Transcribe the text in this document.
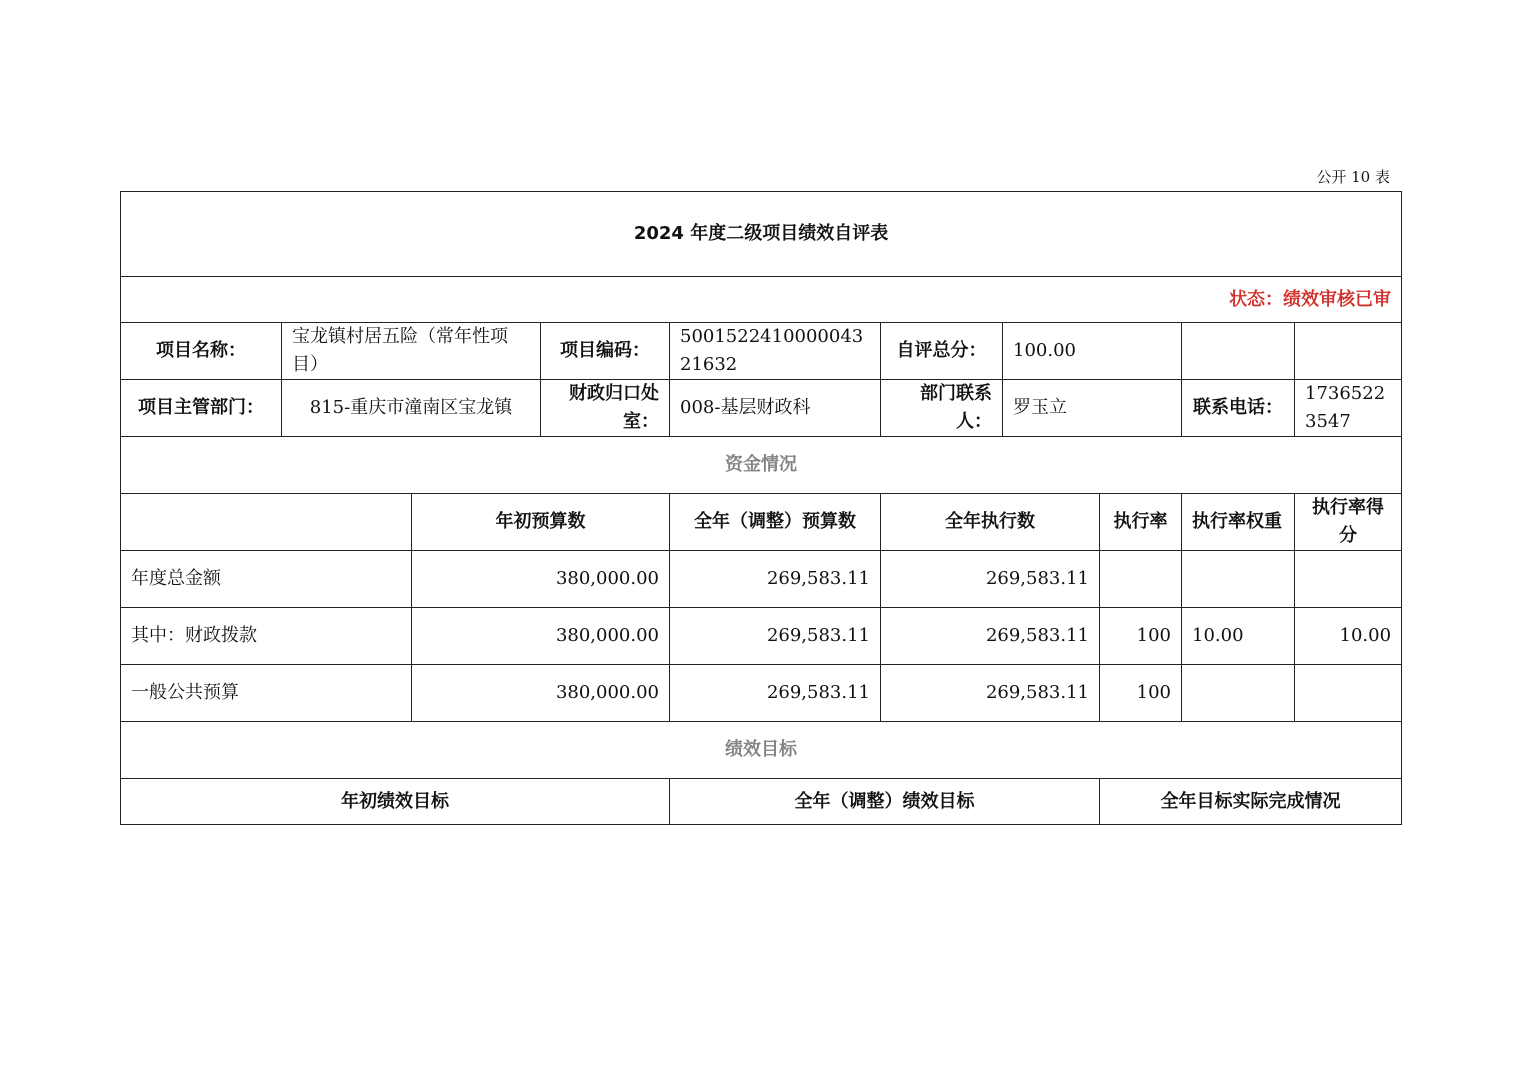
公开 10 表
2024 年度二级项目绩效自评表									
状态：绩效审核已审									
项目名称：	宝龙镇村居五险（常年性项目）		项目编码：	500152241000004321632	自评总分：	100.00			
项目主管部门：	815-重庆市潼南区宝龙镇		财政归口处室：	008-基层财政科	部门联系人：	罗玉立		联系电话：	17365223547
资金情况									
		年初预算数		全年（调整）预算数	全年执行数		执行率	执行率权重	执行率得分
年度总金额		380,000.00		269,583.11	269,583.11				
其中：财政拨款		380,000.00		269,583.11	269,583.11		100	10.00	10.00
一般公共预算		380,000.00		269,583.11	269,583.11		100		
绩效目标									
年初绩效目标				全年（调整）绩效目标			全年目标实际完成情况		
